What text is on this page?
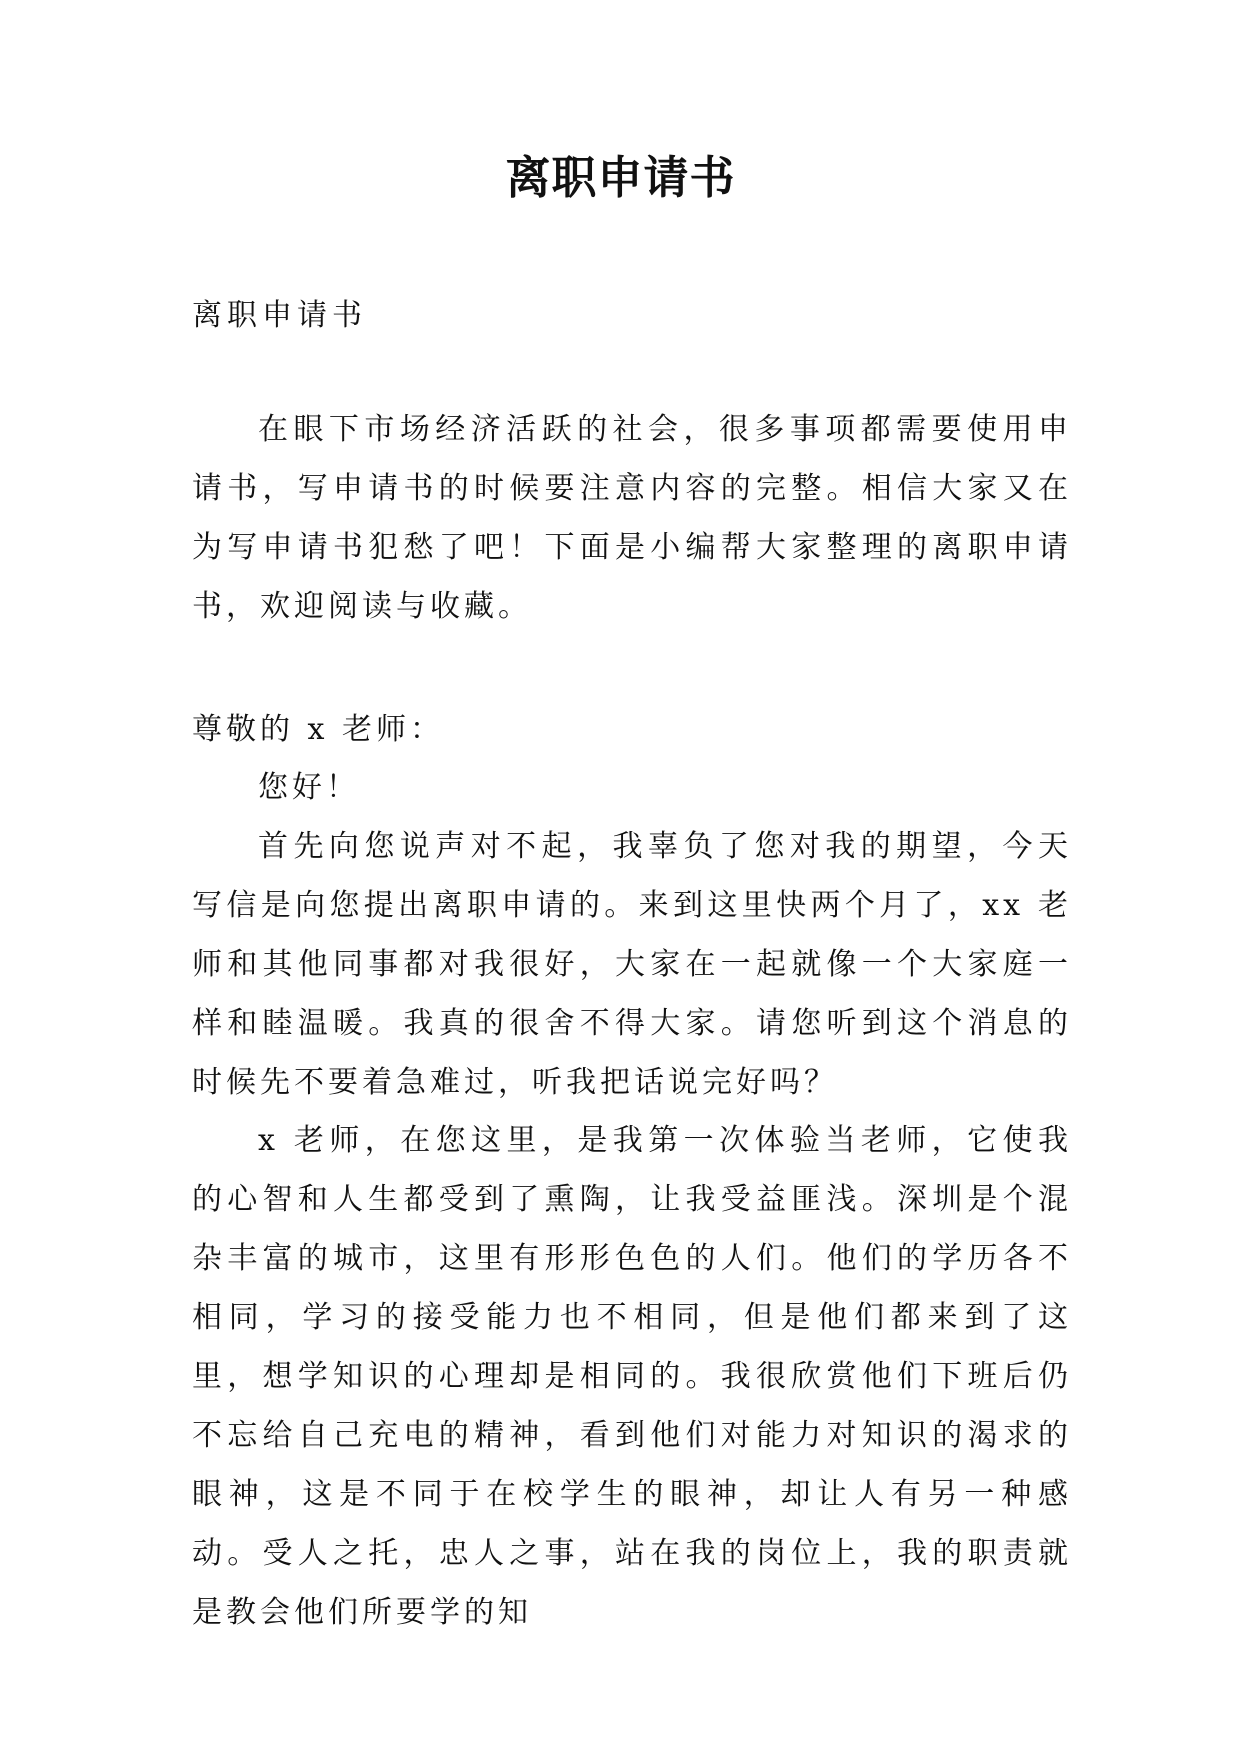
离职申请书

离职申请书

在眼下市场经济活跃的社会，很多事项都需要使用申请书，写申请书的时候要注意内容的完整。相信大家又在为写申请书犯愁了吧！下面是小编帮大家整理的离职申请书，欢迎阅读与收藏。

尊敬的 x 老师：

您好！

首先向您说声对不起，我辜负了您对我的期望，今天写信是向您提出离职申请的。来到这里快两个月了，xx 老师和其他同事都对我很好，大家在一起就像一个大家庭一样和睦温暖。我真的很舍不得大家。请您听到这个消息的时候先不要着急难过，听我把话说完好吗？

x 老师，在您这里，是我第一次体验当老师，它使我的心智和人生都受到了熏陶，让我受益匪浅。深圳是个混杂丰富的城市，这里有形形色色的人们。他们的学历各不相同，学习的接受能力也不相同，但是他们都来到了这里，想学知识的心理却是相同的。我很欣赏他们下班后仍不忘给自己充电的精神，看到他们对能力对知识的渴求的眼神，这是不同于在校学生的眼神，却让人有另一种感动。受人之托，忠人之事，站在我的岗位上，我的职责就是教会他们所要学的知
